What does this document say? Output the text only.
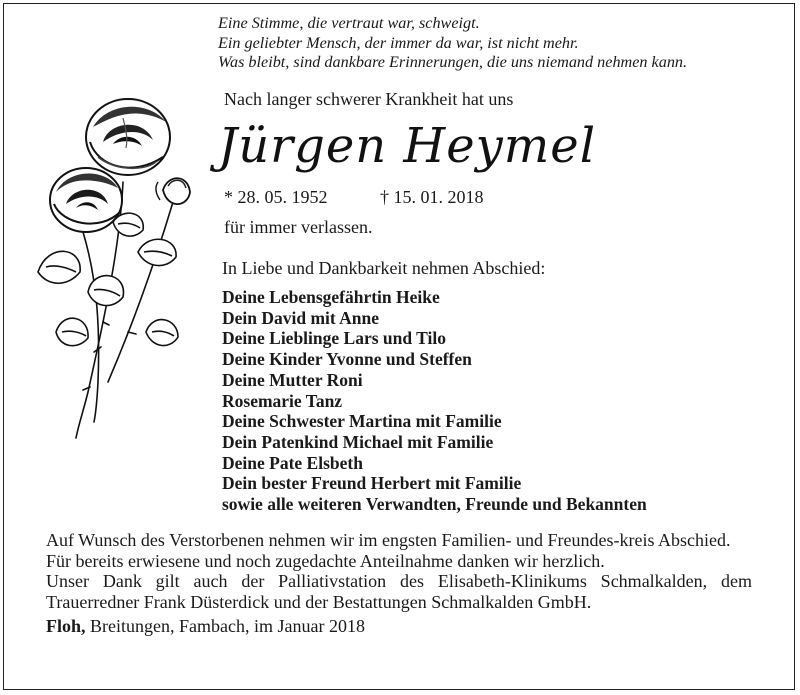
Eine Stimme, die vertraut war, schweigt.
Ein geliebter Mensch, der immer da war, ist nicht mehr.
Was bleibt, sind dankbare Erinnerungen, die uns niemand nehmen kann.
Nach langer schwerer Krankheit hat uns
Jürgen Heymel
* 28. 05. 1952	† 15. 01. 2018
für immer verlassen.
In Liebe und Dankbarkeit nehmen Abschied:
Deine Lebensgefährtin Heike
Dein David mit Anne
Deine Lieblinge Lars und Tilo
Deine Kinder Yvonne und Steffen
Deine Mutter Roni
Rosemarie Tanz
Deine Schwester Martina mit Familie
Dein Patenkind Michael mit Familie
Deine Pate Elsbeth
Dein bester Freund Herbert mit Familie
sowie alle weiteren Verwandten, Freunde und Bekannten

Auf Wunsch des Verstorbenen nehmen wir im engsten Familien- und Freundes-kreis Abschied.

Für bereits erwiesene und noch zugedachte Anteilnahme danken wir herzlich.

Unser Dank gilt auch der Palliativstation des Elisabeth-Klinikums Schmalkalden, dem Trauerredner Frank Düsterdick und der Bestattungen Schmalkalden GmbH.

Floh, Breitungen, Fambach, im Januar 2018
